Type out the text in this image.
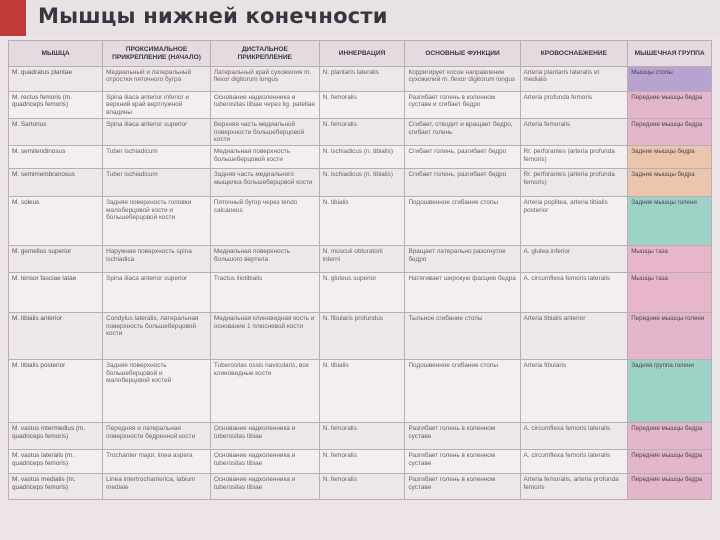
Мышцы нижней конечности
МЫШЦА	ПРОКСИМАЛЬНОЕ ПРИКРЕПЛЕНИЕ (НАЧАЛО)	ДИСТАЛЬНОЕ ПРИКРЕПЛЕНИЕ	ИННЕРВАЦИЯ	ОСНОВНЫЕ ФУНКЦИИ	КРОВОСНАБЖЕНИЕ	МЫШЕЧНАЯ ГРУППА
M. quadratus plantae	Медиальный и латеральный отростки пяточного бугра	Латеральный край сухожилия m. flexor digitorum longus	N. plantaris lateralis	Корригирует косое направление сухожилий m. flexor digitorum longus	Arteria plantaris lateralis et medialis	Мышцы стопы
M. rectus femoris (m. quadriceps femoris)	Spina iliaca anterior inferior и верхний край вертлужной впадины	Основание надколенника и tuberositas tibiae через lig. patellae	N. femoralis	Разгибает голень в коленном суставе и сгибает бедро	Arteria profunda femoris	Передние мышцы бедра
M. Sartorius	Spina iliaca anterior superior	Верхняя часть медиальной поверхности большеберцовой кости	N. femoralis	Сгибает, отводит и вращает бедро, сгибает голень	Arteria femoralis	Передние мышцы бедра
M. semitendinosus	Tuber ischiadicum	Медиальная поверхность большеберцовой кости	N. ischiadicus (n. tibialis)	Сгибает голень, разгибает бедро	Rr. perforantes (arteria profunda femoris)	Задние мышцы бедра
M. semimembranosus	Tuber ischiadicum	Задняя часть медиального мыщелка большеберцовой кости	N. ischiadicus (n. tibialis)	Сгибает голень, разгибает бедро	Rr. perforantes (arteria profunda femoris)	Задние мышцы бедра
M. soleus	Задняя поверхность головки малоберцовой кости и большеберцовой кости	Пяточный бугор через tendo calcaneus	N. tibialis	Подошвенное сгибание стопы	Arteria poplitea, arteria tibialis posterior	Задние мышцы голени
M. gemellus superior	Наружная поверхность spina ischiadica	Медиальная поверхность большого вертела	N. musculi obturatorii interni	Вращает латерально разогнутое бедро	A. glutea inferior	Мышцы таза
M. tensor fasciae latae	Spina iliaca anterior superior	Tractus iliotibialis	N. gluteus superior	Натягивает широкую фасцию бедра	A. circumflexa femoris lateralis	Мышцы таза
M. tibialis anterior	Condylus lateralis, латеральная поверхность большеберцовой кости	Медиальная клиновидная кость и основание 1 плюсневой кости	N. fibularis profundus	Тыльное сгибание стопы	Arteria tibialis anterior	Передние мышцы голени
M. tibialis posterior	Задняя поверхность большеберцовой и малоберцовой костей	Tuberositas ossis navicularis, все клиновидные кости	N. tibialis	Подошвенное сгибание стопы	Arteria fibularis	Задняя группа голени
M. vastus intermedius (m. quadriceps femoris)	Передняя и латеральная поверхности бедренной кости	Основание надколенника и tuberositas tibiae	N. femoralis	Разгибает голень в коленном суставе	A. circumflexa femoris lateralis	Передние мышцы бедра
M. vastus lateralis (m. quadriceps femoris)	Trochanter major, linea aspera	Основание надколенника и tuberositas tibiae	N. femoralis	Разгибает голень в коленном суставе	A. circumflexa femoris lateralis	Передние мышцы бедра
M. vastus medialis (m. quadriceps femoris)	Linea intertrochanterica, labium mediale	Основание надколенника и tuberositas tibiae	N. femoralis	Разгибает голень в коленном суставе	Arteria femoralis, arteria profunda femoris	Передние мышцы бедра
